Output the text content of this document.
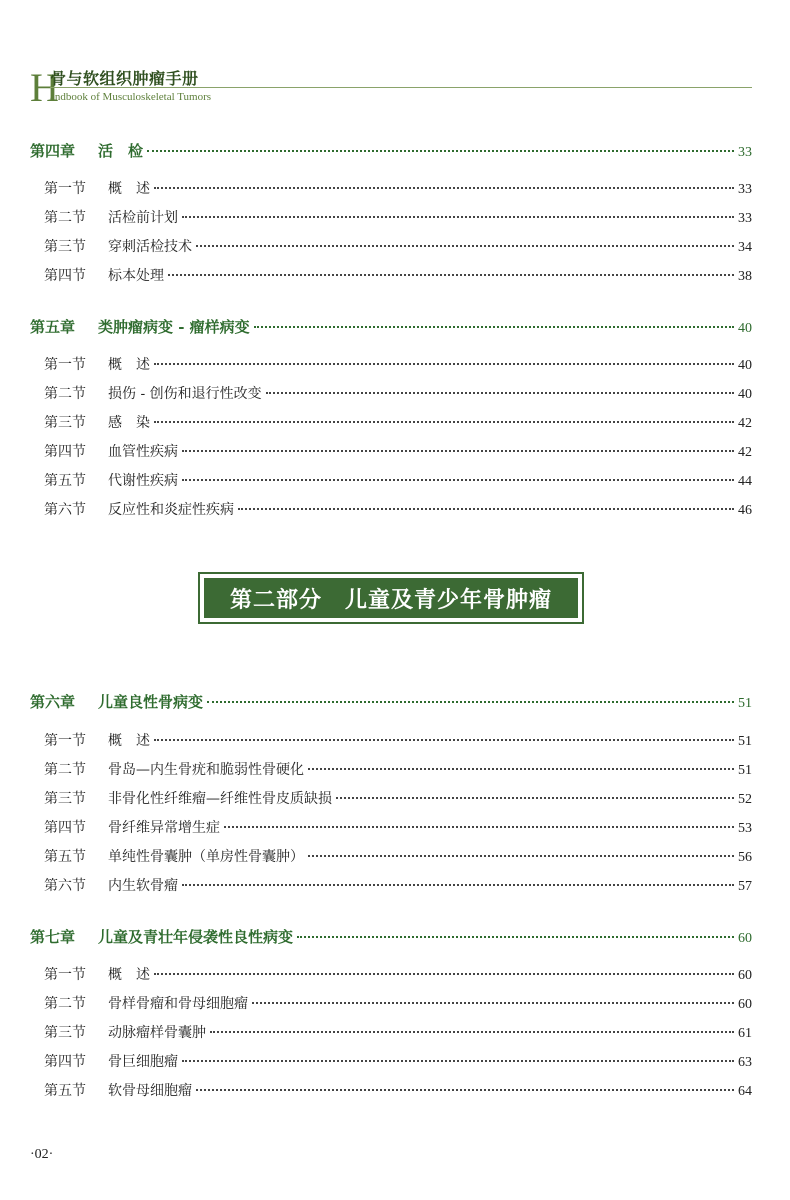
H
骨与软组织肿瘤手册
andbook of Musculoskeletal Tumors
第四章	活　检	33
第一节	概　述	33
第二节	活检前计划	33
第三节	穿刺活检技术	34
第四节	标本处理	38
第五章	类肿瘤病变 - 瘤样病变	40
第一节	概　述	40
第二节	损伤 - 创伤和退行性改变	40
第三节	感　染	42
第四节	血管性疾病	42
第五节	代谢性疾病	44
第六节	反应性和炎症性疾病	46
第二部分　儿童及青少年骨肿瘤
第六章	儿童良性骨病变	51
第一节	概　述	51
第二节	骨岛—内生骨疣和脆弱性骨硬化	51
第三节	非骨化性纤维瘤—纤维性骨皮质缺损	52
第四节	骨纤维异常增生症	53
第五节	单纯性骨囊肿（单房性骨囊肿）	56
第六节	内生软骨瘤	57
第七章	儿童及青壮年侵袭性良性病变	60
第一节	概　述	60
第二节	骨样骨瘤和骨母细胞瘤	60
第三节	动脉瘤样骨囊肿	61
第四节	骨巨细胞瘤	63
第五节	软骨母细胞瘤	64
·02·
